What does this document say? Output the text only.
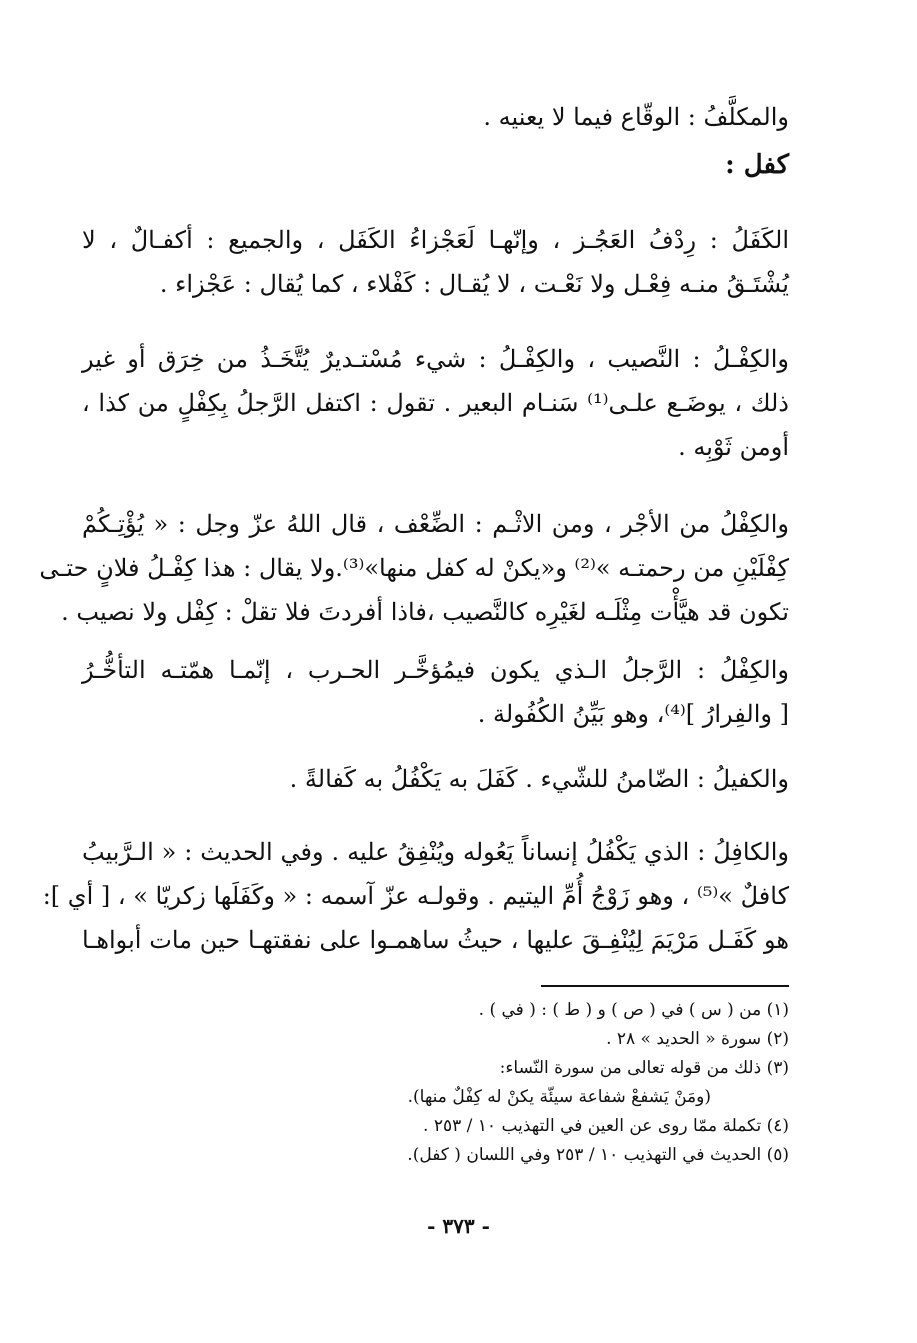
والمكلَّفُ : الوقّاع فيما لا يعنيه .

كفل :

الكَفَلُ : رِدْفُ العَجُـز ، وإنّهـا لَعَجْزاءُ الكَفَل ، والجميع : أكفـالٌ ، لا
يُشْتَـقُ منـه فِعْـل ولا نَعْـت ، لا يُقـال : كَفْلاء ، كما يُقال : عَجْزاء .

والكِفْـلُ : النَّصيب ، والكِفْـلُ : شيء مُسْتـديرٌ يُتَّخَـذُ من خِرَق أو غير
ذلك ، يوضَـع علـى⁽¹⁾ سَنـام البعير . تقول : اكتفل الرَّجلُ بِكِفْلٍ من كذا ،
أومن ثَوْبِه .

والكِفْلُ من الأجْر ، ومن الاثْـم : الضِّعْف ، قال اللهُ عزّ وجل : « يُؤْتِـكُمْ
كِفْلَيْنِ من رحمتـه »⁽²⁾ و«يكنْ له كفل منها»⁽³⁾.ولا يقال : هذا كِفْـلُ فلانٍ حتـى
تكون قد هيَّأْت مِثْلَـه لغَيْرِه كالنَّصيب ،فاذا أفردتَ فلا تقلْ : كِفْل ولا نصيب .

والكِفْلُ : الرَّجلُ الـذي يكون فيمُؤخَّـر الحـرب ، إنّمـا همّتـه التأخُّـرُ
[ والفِرارُ ]⁽⁴⁾، وهو بَيِّنُ الكُفُولة .

والكفيلُ : الضّامنُ للشّيء . كَفَلَ به يَكْفُلُ به كَفالةً .

والكافِلُ : الذي يَكْفُلُ إنساناً يَعُوله ويُنْفِقُ عليه . وفي الحديث : « الـرَّبيبُ
كافلٌ »⁽⁵⁾ ، وهو زَوْجُ أُمِّ اليتيم . وقولـه عزّ آسمه : « وكَفَلَها زكريّا » ، [ أي ]:
هو كَفَـل مَرْيَمَ لِيُنْفِـقَ عليها ، حيثُ ساهمـوا على نفقتهـا حين مات أبواهـا

(١) من ( س ) في ( ص ) و ( ط ) : ( في ) .
(٢) سورة « الحديد » ٢٨ .
(٣) ذلك من قوله تعالى من سورة النّساء:
(ومَنْ يَشفعْ شفاعة سيئّة يكنْ له كِفْلٌ منها).
(٤) تكملة ممّا روى عن العين في التهذيب ١٠ / ٢٥٣ .
(٥) الحديث في التهذيب ١٠ / ٢٥٣ وفي اللسان ( كفل).
- ٣٧٣ -
